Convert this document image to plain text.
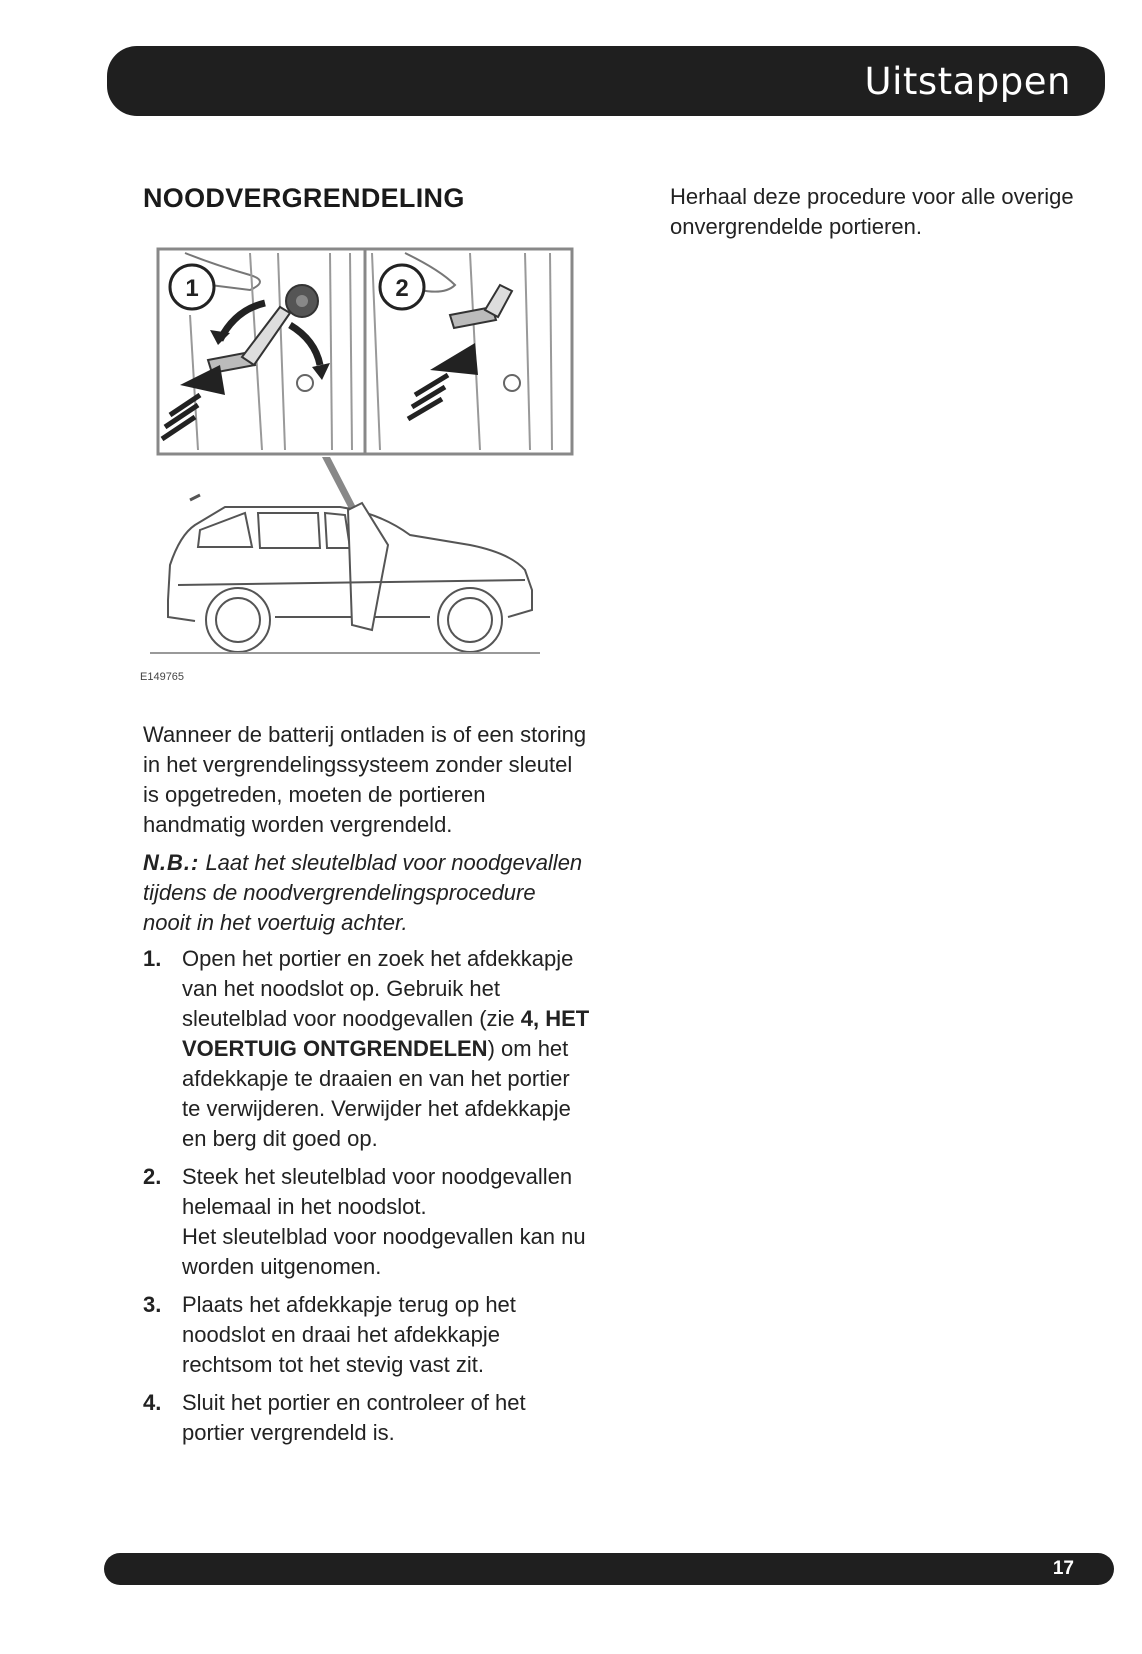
Uitstappen
NOODVERGRENDELING
1	2
E149765

Wanneer de batterij ontladen is of een storing in het vergrendelingssysteem zonder sleutel is opgetreden, moeten de portieren handmatig worden vergrendeld.

N.B.: Laat het sleutelblad voor noodgevallen tijdens de noodvergrendelingsprocedure nooit in het voertuig achter.

1. Open het portier en zoek het afdekkapje van het noodslot op. Gebruik het sleutelblad voor noodgevallen (zie 4, HET VOERTUIG ONTGRENDELEN) om het afdekkapje te draaien en van het portier te verwijderen. Verwijder het afdekkapje en berg dit goed op.
2. Steek het sleutelblad voor noodgevallen helemaal in het noodslot.
Het sleutelblad voor noodgevallen kan nu worden uitgenomen.
3. Plaats het afdekkapje terug op het noodslot en draai het afdekkapje rechtsom tot het stevig vast zit.
4. Sluit het portier en controleer of het portier vergrendeld is.

Herhaal deze procedure voor alle overige onvergrendelde portieren.

17
